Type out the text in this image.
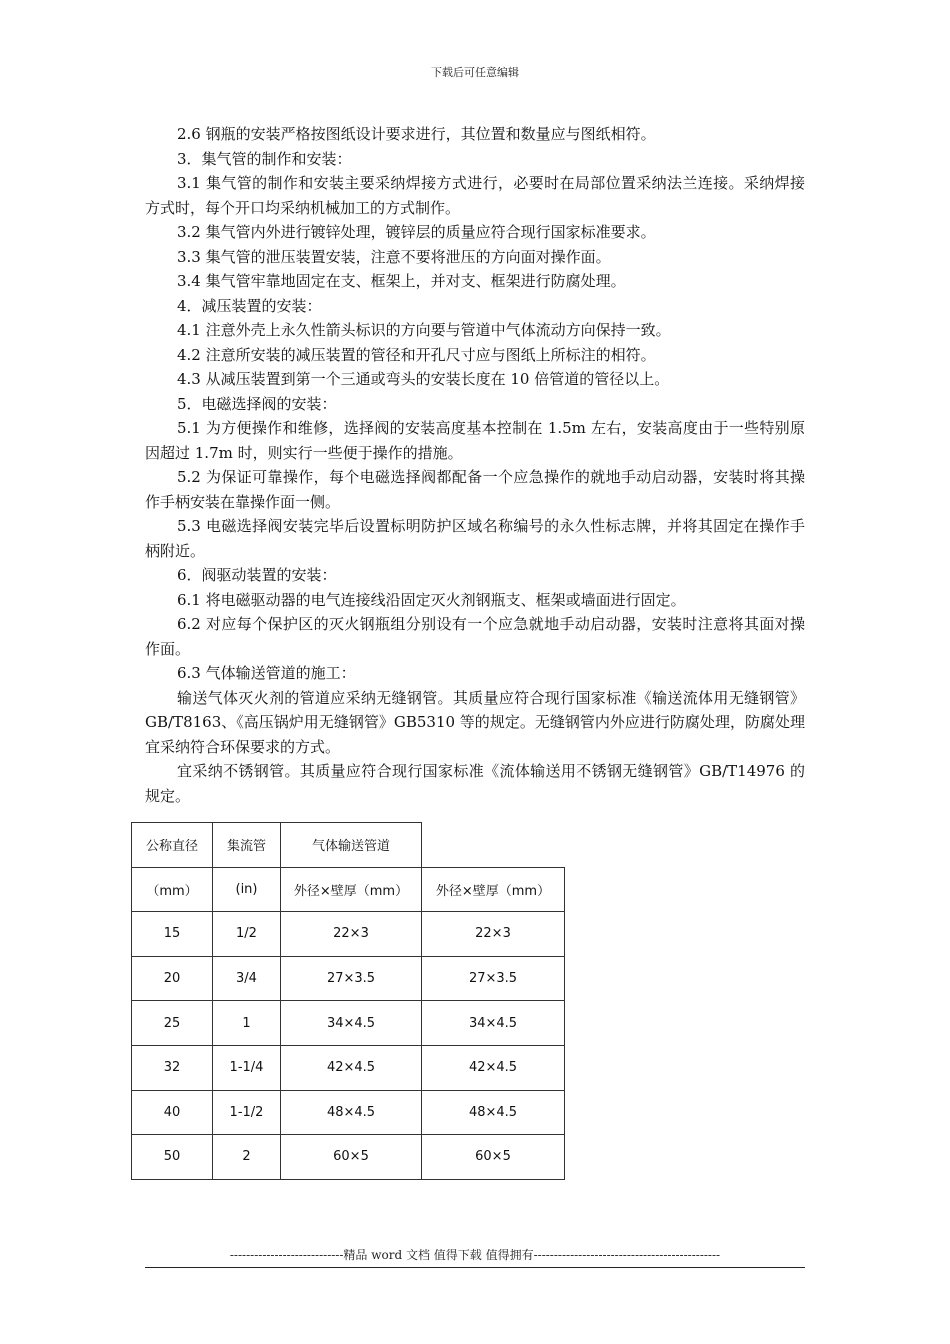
下载后可任意编辑

2.6 钢瓶的安装严格按图纸设计要求进行，其位置和数量应与图纸相符。

3．集气管的制作和安装：

3.1 集气管的制作和安装主要采纳焊接方式进行，必要时在局部位置采纳法兰连接。采纳焊接方式时，每个开口均采纳机械加工的方式制作。

3.2 集气管内外进行镀锌处理，镀锌层的质量应符合现行国家标准要求。

3.3 集气管的泄压装置安装，注意不要将泄压的方向面对操作面。

3.4 集气管牢靠地固定在支、框架上，并对支、框架进行防腐处理。

4．减压装置的安装：

4.1 注意外壳上永久性箭头标识的方向要与管道中气体流动方向保持一致。

4.2 注意所安装的减压装置的管径和开孔尺寸应与图纸上所标注的相符。

4.3 从减压装置到第一个三通或弯头的安装长度在 10 倍管道的管径以上。

5．电磁选择阀的安装：

5.1 为方便操作和维修，选择阀的安装高度基本控制在 1.5m 左右，安装高度由于一些特别原因超过 1.7m 时，则实行一些便于操作的措施。

5.2 为保证可靠操作，每个电磁选择阀都配备一个应急操作的就地手动启动器，安装时将其操作手柄安装在靠操作面一侧。

5.3 电磁选择阀安装完毕后设置标明防护区域名称编号的永久性标志牌，并将其固定在操作手柄附近。

6．阀驱动装置的安装：

6.1 将电磁驱动器的电气连接线沿固定灭火剂钢瓶支、框架或墙面进行固定。

6.2 对应每个保护区的灭火钢瓶组分别设有一个应急就地手动启动器，安装时注意将其面对操作面。

6.3 气体输送管道的施工：

输送气体灭火剂的管道应采纳无缝钢管。其质量应符合现行国家标准《输送流体用无缝钢管》GB/T8163、《高压锅炉用无缝钢管》GB5310 等的规定。无缝钢管内外应进行防腐处理，防腐处理宜采纳符合环保要求的方式。

宜采纳不锈钢管。其质量应符合现行国家标准《流体输送用不锈钢无缝钢管》GB/T14976 的规定。

公称直径	集流管	气体输送管道	
（mm）	(in)	外径×壁厚（mm）	外径×壁厚（mm）
15	1/2	22×3	22×3
20	3/4	27×3.5	27×3.5
25	1	34×4.5	34×4.5
32	1-1/4	42×4.5	42×4.5
40	1-1/2	48×4.5	48×4.5
50	2	60×5	60×5
----------------------------精品 word 文档 值得下载 值得拥有----------------------------------------------
